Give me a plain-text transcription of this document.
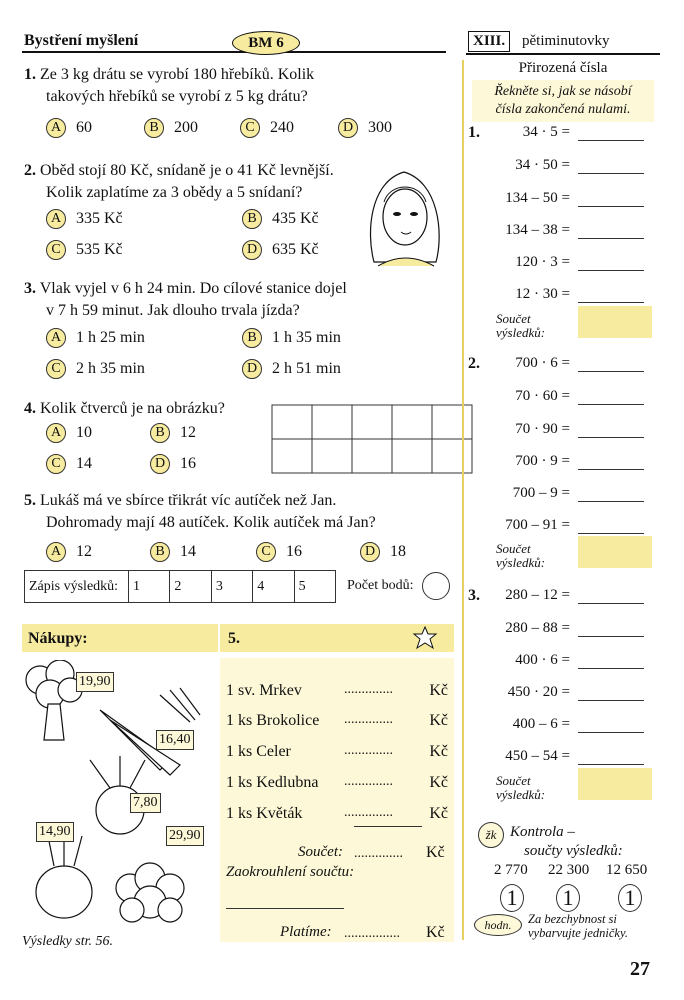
Bystření myšlení	BM 6	XIII.	pětiminutovky
1. Ze 3 kg drátu se vyrobí 180 hřebíků. Kolik
takových hřebíků se vyrobí z 5 kg drátu?
A 60	B 200	C 240	D 300
2. Oběd stojí 80 Kč, snídaně je o 41 Kč levnější.
Kolik zaplatíme za 3 obědy a 5 snídaní?
A 335 Kč	B 435 Kč
C 535 Kč	D 635 Kč
3. Vlak vyjel v 6 h 24 min. Do cílové stanice dojel
v 7 h 59 minut. Jak dlouho trvala jízda?
A 1 h 25 min	B 1 h 35 min
C 2 h 35 min	D 2 h 51 min
4. Kolik čtverců je na obrázku?
A 10	B 12
C 14	D 16
5. Lukáš má ve sbírce třikrát víc autíček než Jan.
Dohromady mají 48 autíček. Kolik autíček má Jan?
A 12	B 14	C 16	D 18
Zápis výsledků:	1	2	3	4	5	Počet bodů:
Nákupy:	5.
19,90
16,40
7,80
14,90	29,90
1 sv. Mrkev	..............	Kč
1 ks Brokolice	..............	Kč
1 ks Celer	..............	Kč
1 ks Kedlubna	..............	Kč
1 ks Květák	..............	Kč
Součet: .............. Kč
Zaokrouhlení součtu:
Platíme: ................ Kč
Výsledky str. 56.
Přirozená čísla
Řekněte si, jak se násobí
čísla zakončená nulami.
1.	34 · 5 =
34 · 50 =
134 – 50 =
134 – 38 =
120 · 3 =
12 · 30 =
Součet
výsledků:
2.	700 · 6 =
70 · 60 =
70 · 90 =
700 · 9 =
700 – 9 =
700 – 91 =
Součet
výsledků:
3.	280 – 12 =
280 – 88 =
400 · 6 =
450 · 20 =
400 – 6 =
450 – 54 =
Součet
výsledků:
žk Kontrola –
součty výsledků:
2 770 22 300 12 650
1 1 1
hodn.	Za bezchybnost si
vybarvujte jedničky.
27
